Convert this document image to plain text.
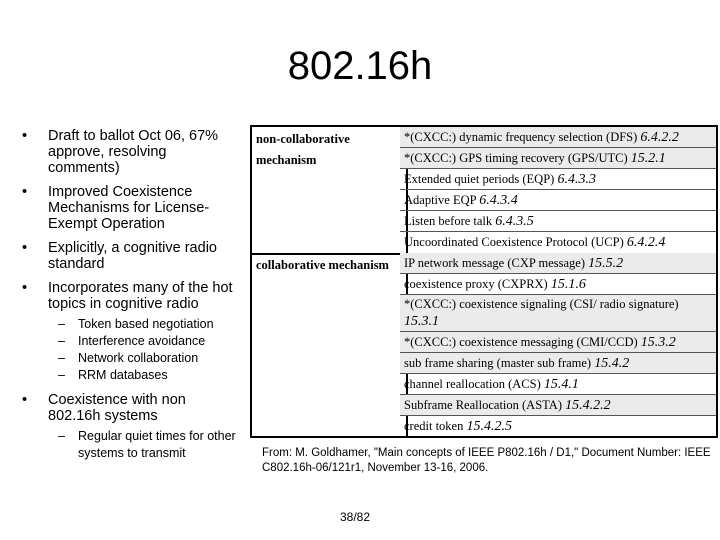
802.16h
• Draft to ballot Oct 06, 67% approve, resolving comments)
• Improved Coexistence Mechanisms for License-Exempt Operation
• Explicitly, a cognitive radio standard
• Incorporates many of the hot topics in cognitive radio
– Token based negotiation
– Interference avoidance
– Network collaboration
– RRM databases
• Coexistence with non 802.16h systems
– Regular quiet times for other systems to transmit
non-collaborative mechanism
*(CXCC:) dynamic frequency selection (DFS) 6.4.2.2
*(CXCC:) GPS timing recovery (GPS/UTC) 15.2.1
Extended quiet periods (EQP) 6.4.3.3
Adaptive EQP 6.4.3.4
Listen before talk 6.4.3.5
Uncoordinated Coexistence Protocol (UCP) 6.4.2.4
collaborative mechanism	IP network message (CXP message) 15.5.2
coexistence proxy (CXPRX) 15.1.6
*(CXCC:) coexistence signaling (CSI/ radio signature) 15.3.1
*(CXCC:) coexistence messaging (CMI/CCD) 15.3.2
sub frame sharing (master sub frame) 15.4.2
channel reallocation (ACS) 15.4.1
Subframe Reallocation (ASTA) 15.4.2.2
credit token 15.4.2.5
From: M. Goldhamer, "Main concepts of IEEE P802.16h / D1," Document Number: IEEE C802.16h-06/121r1, November 13-16, 2006.
38/82
